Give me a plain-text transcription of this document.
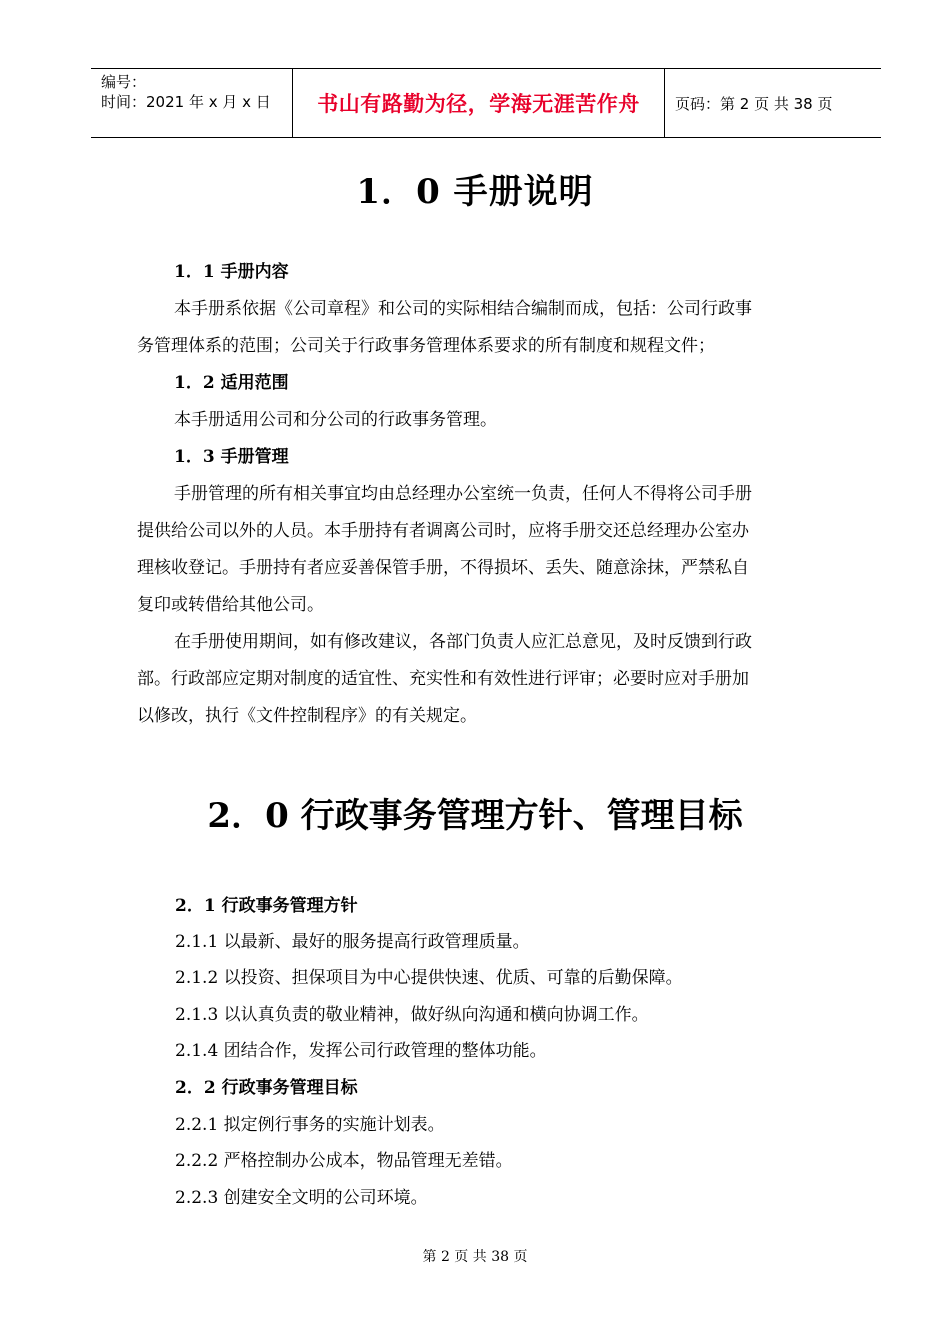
编号：
时间：2021 年 x 月 x 日	书山有路勤为径，学海无涯苦作舟	页码：第 2 页 共 38 页
1．0 手册说明
1．1 手册内容
本手册系依据《公司章程》和公司的实际相结合编制而成，包括：公司行政事
务管理体系的范围；公司关于行政事务管理体系要求的所有制度和规程文件；
1．2 适用范围
本手册适用公司和分公司的行政事务管理。
1．3 手册管理
手册管理的所有相关事宜均由总经理办公室统一负责，任何人不得将公司手册
提供给公司以外的人员。本手册持有者调离公司时，应将手册交还总经理办公室办
理核收登记。手册持有者应妥善保管手册，不得损坏、丢失、随意涂抹，严禁私自
复印或转借给其他公司。
在手册使用期间，如有修改建议，各部门负责人应汇总意见，及时反馈到行政
部。行政部应定期对制度的适宜性、充实性和有效性进行评审；必要时应对手册加
以修改，执行《文件控制程序》的有关规定。
2．0 行政事务管理方针、管理目标
2．1 行政事务管理方针
2.1.1 以最新、最好的服务提高行政管理质量。
2.1.2 以投资、担保项目为中心提供快速、优质、可靠的后勤保障。
2.1.3 以认真负责的敬业精神，做好纵向沟通和横向协调工作。
2.1.4 团结合作，发挥公司行政管理的整体功能。
2．2 行政事务管理目标
2.2.1 拟定例行事务的实施计划表。
2.2.2 严格控制办公成本，物品管理无差错。
2.2.3 创建安全文明的公司环境。
第 2 页 共 38 页
